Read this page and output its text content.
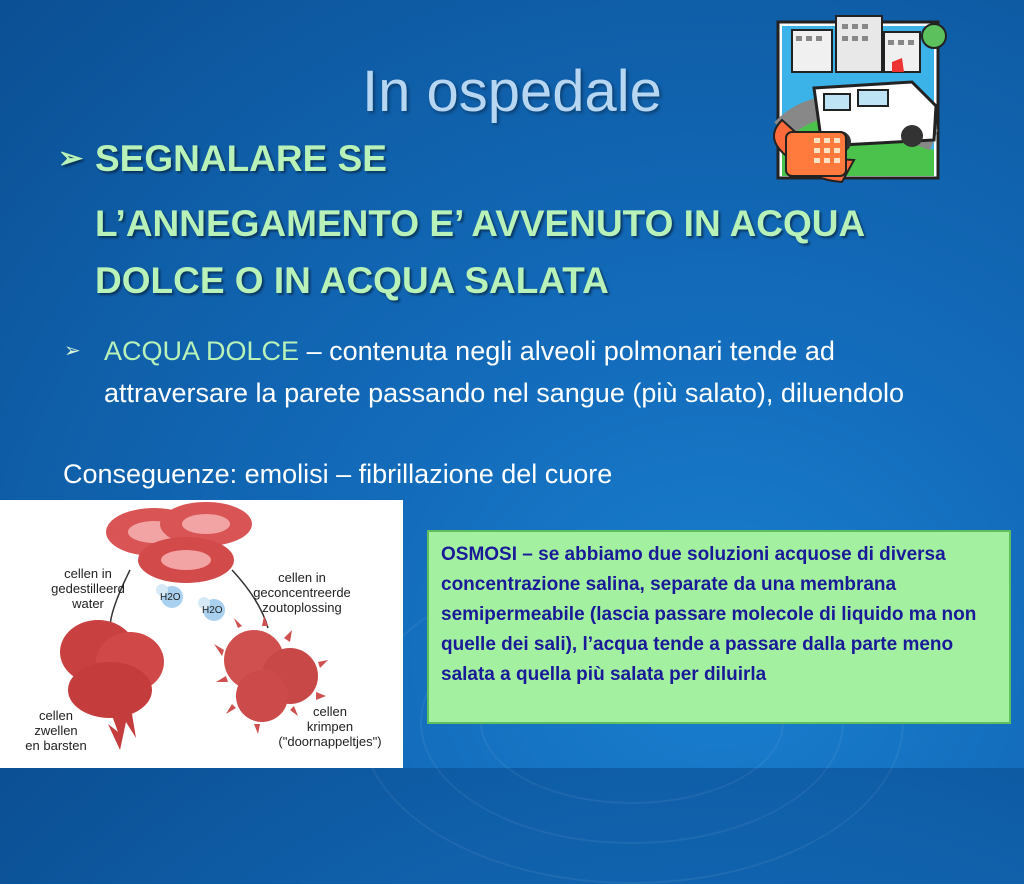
In ospedale
➢ SEGNALARE SE
L’ANNEGAMENTO E’ AVVENUTO IN ACQUA DOLCE O IN ACQUA SALATA
➢ ACQUA DOLCE – contenuta negli alveoli polmonari tende ad attraversare la parete passando nel sangue (più salato), diluendolo
Conseguenze: emolisi – fibrillazione del cuore
H2O
H2O
cellen in
gedestilleerd
water
cellen in
geconcentreerde
zoutoplossing
cellen
zwellen
en barsten
cellen
krimpen
("doornappeltjes")
OSMOSI – se abbiamo due soluzioni acquose di diversa concentrazione salina, separate da una membrana semipermeabile (lascia passare molecole di liquido ma non quelle dei sali), l’acqua tende a passare dalla parte meno salata a quella più salata per diluirla
